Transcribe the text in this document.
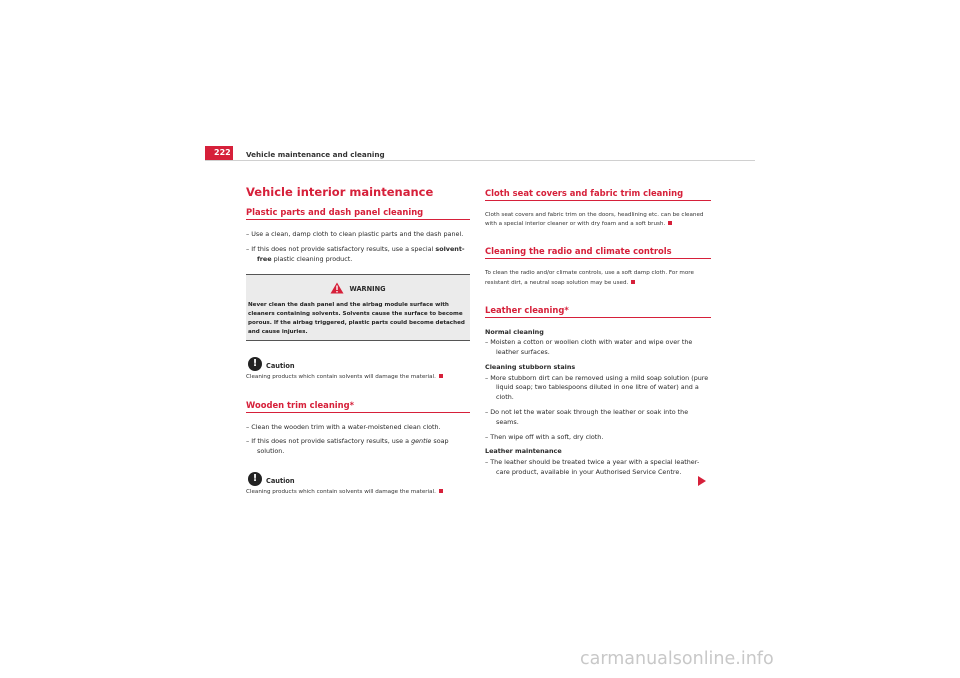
222	Vehicle maintenance and cleaning
Vehicle interior maintenance
Plastic parts and dash panel cleaning

– Use a clean, damp cloth to clean plastic parts and the dash panel.

– If this does not provide satisfactory results, use a special solvent-free plastic cleaning product.

WARNING

Never clean the dash panel and the airbag module surface with cleaners containing solvents. Solvents cause the surface to become porous. If the airbag triggered, plastic parts could become detached and cause injuries.

!	Caution

Cleaning products which contain solvents will damage the material.

Wooden trim cleaning*

– Clean the wooden trim with a water-moistened clean cloth.

– If this does not provide satisfactory results, use a gentle soap solution.

!	Caution

Cleaning products which contain solvents will damage the material.

Cloth seat covers and fabric trim cleaning

Cloth seat covers and fabric trim on the doors, headlining etc. can be cleaned with a special interior cleaner or with dry foam and a soft brush.

Cleaning the radio and climate controls

To clean the radio and/or climate controls, use a soft damp cloth. For more resistant dirt, a neutral soap solution may be used.

Leather cleaning*

Normal cleaning

– Moisten a cotton or woollen cloth with water and wipe over the leather surfaces.

Cleaning stubborn stains

– More stubborn dirt can be removed using a mild soap solution (pure liquid soap; two tablespoons diluted in one litre of water) and a cloth.

– Do not let the water soak through the leather or soak into the seams.

– Then wipe off with a soft, dry cloth.

Leather maintenance

– The leather should be treated twice a year with a special leather-care product, available in your Authorised Service Centre.

carmanualsonline.info
